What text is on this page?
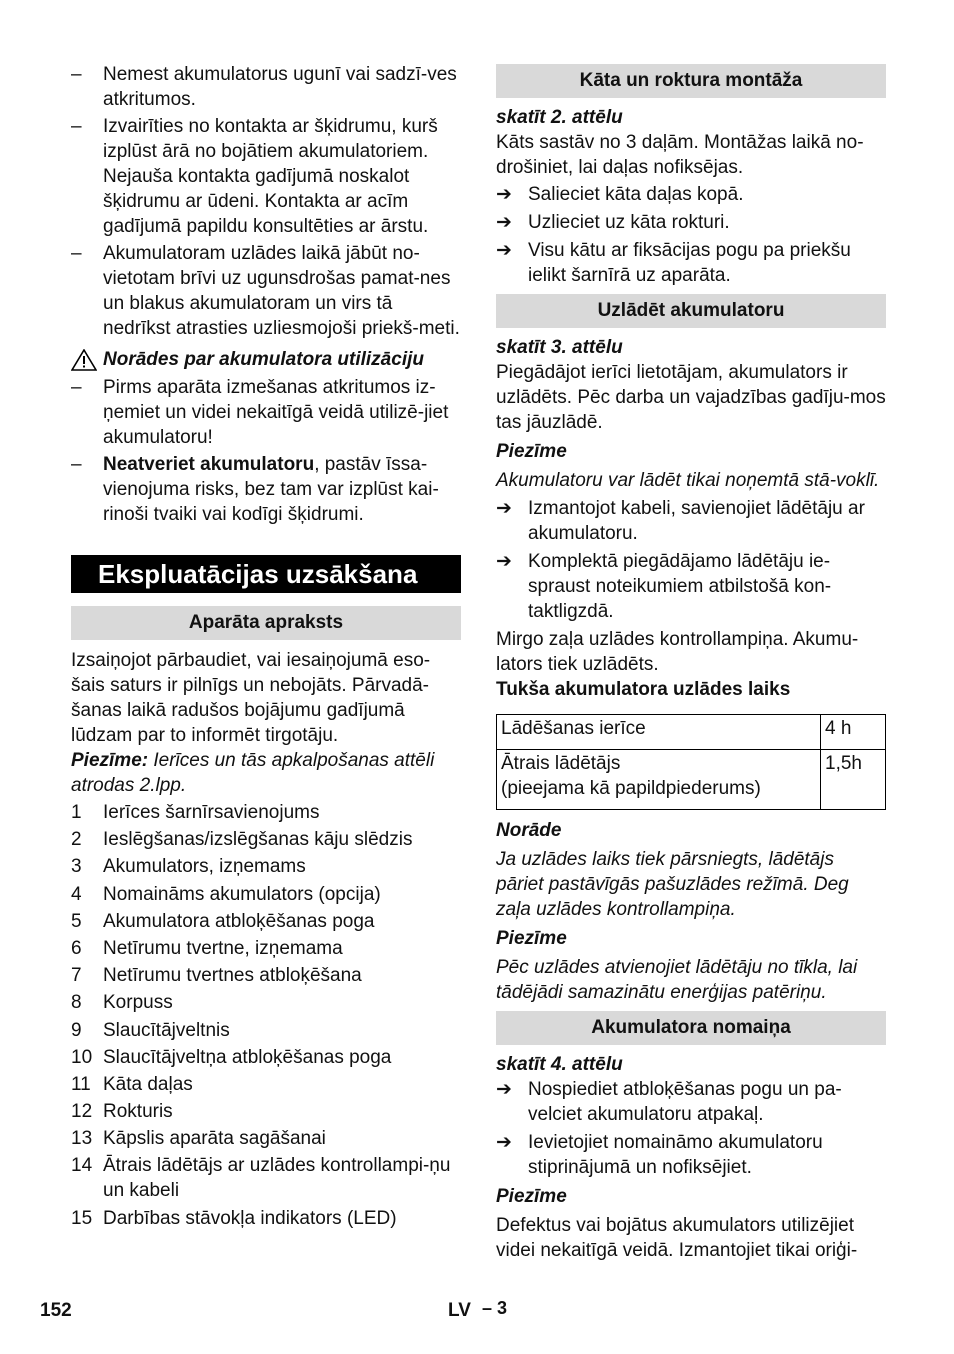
– Nemest akumulatorus ugunī vai sadzī-ves atkritumos.

– Izvairīties no kontakta ar šķidrumu, kurš izplūst ārā no bojātiem akumulatoriem. Nejauša kontakta gadījumā noskalot šķidrumu ar ūdeni. Kontakta ar acīm gadījumā papildu konsultēties ar ārstu.

– Akumulatoram uzlādes laikā jābūt no-vietotam brīvi uz ugunsdrošas pamat-nes un blakus akumulatoram un virs tā nedrīkst atrasties uzliesmojoši priekš-meti.

Norādes par akumulatora utilizāciju
– Pirms aparāta izmešanas atkritumos iz-ņemiet un videi nekaitīgā veidā utilizē-jiet akumulatoru!

– Neatveriet akumulatoru, pastāv īssa-vienojuma risks, bez tam var izplūst kai-rinoši tvaiki vai kodīgi šķidrumi.

Ekspluatācijas uzsākšana
Aparāta apraksts

Izsaiņojot pārbaudiet, vai iesaiņojumā eso-šais saturs ir pilnīgs un nebojāts. Pārvadā-šanas laikā radušos bojājumu gadījumā lūdzam par to informēt tirgotāju.

Piezīme: Ierīces un tās apkalpošanas attēli atrodas 2.lpp.

1 Ierīces šarnīrsavienojums
2 Ieslēgšanas/izslēgšanas kāju slēdzis
3 Akumulators, izņemams
4 Nomaināms akumulators (opcija)
5 Akumulatora atbloķēšanas poga
6 Netīrumu tvertne, izņemama
7 Netīrumu tvertnes atbloķēšana
8 Korpuss
9 Slaucītājveltnis
10 Slaucītājveltņa atbloķēšanas poga
11 Kāta daļas
12 Rokturis
13 Kāpslis aparāta sagāšanai
14 Ātrais lādētājs ar uzlādes kontrollampi-ņu un kabeli
15 Darbības stāvokļa indikators (LED)
Kāta un roktura montāža

skatīt 2. attēlu

Kāts sastāv no 3 daļām. Montāžas laikā no-drošiniet, lai daļas nofiksējas.

➔ Salieciet kāta daļas kopā.

➔ Uzlieciet uz kāta rokturi.

➔ Visu kātu ar fiksācijas pogu pa priekšu ielikt šarnīrā uz aparāta.

Uzlādēt akumulatoru

skatīt 3. attēlu

Piegādājot ierīci lietotājam, akumulators ir uzlādēts. Pēc darba un vajadzības gadīju-mos tas jāuzlādē.

Piezīme

Akumulatoru var lādēt tikai noņemtā stā-voklī.

➔ Izmantojot kabeli, savienojiet lādētāju ar akumulatoru.

➔ Komplektā piegādājamo lādētāju ie-spraust noteikumiem atbilstošā kon-taktligzdā.

Mirgo zaļa uzlādes kontrollampiņa. Akumu-lators tiek uzlādēts.

Tukša akumulatora uzlādes laiks

Lādēšanas ierīce	4 h
Ātrais lādētājs
(pieejama kā papildpiederums)	1,5h

Norāde

Ja uzlādes laiks tiek pārsniegts, lādētājs pāriet pastāvīgās pašuzlādes režīmā. Deg zaļa uzlādes kontrollampiņa.

Piezīme

Pēc uzlādes atvienojiet lādētāju no tīkla, lai tādējādi samazinātu enerģijas patēriņu.

Akumulatora nomaiņa

skatīt 4. attēlu

➔ Nospiediet atbloķēšanas pogu un pa-velciet akumulatoru atpakaļ.

➔ Ievietojiet nomaināmo akumulatoru stiprinājumā un nofiksējiet.

Piezīme

Defektus vai bojātus akumulators utilizējiet videi nekaitīgā veidā. Izmantojiet tikai oriģi-

152	LV – 3
